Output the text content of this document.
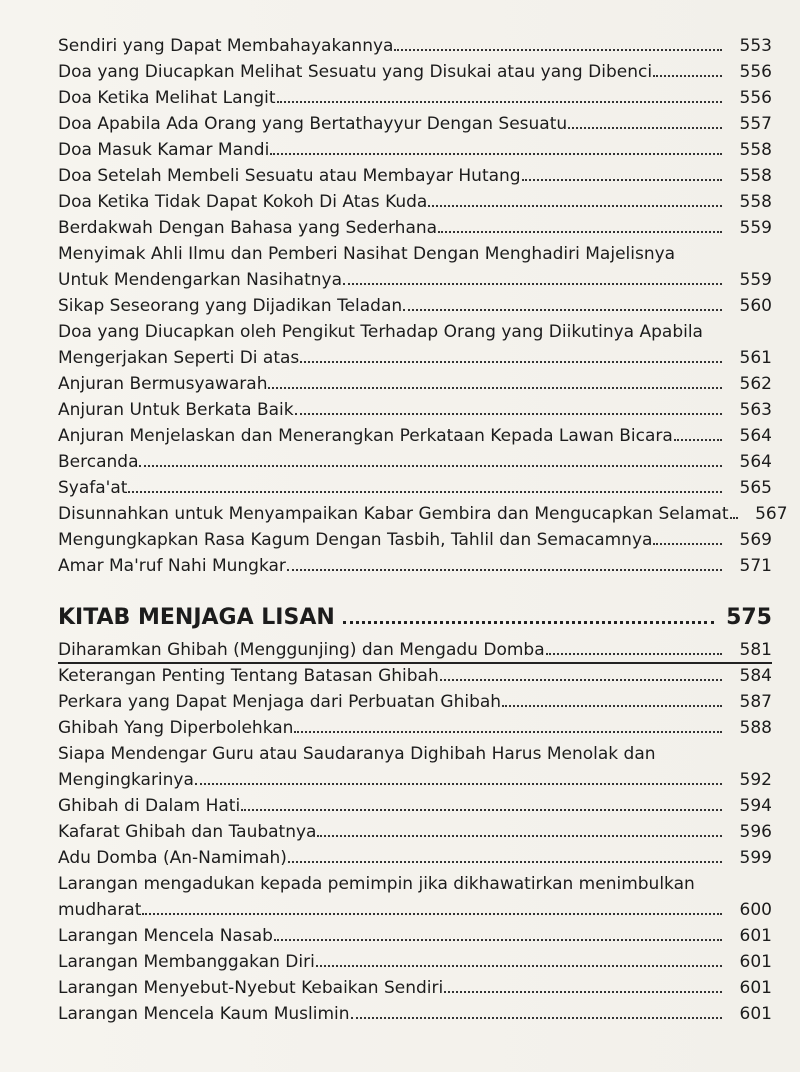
Sendiri yang Dapat Membahayakannya	553
Doa yang Diucapkan Melihat Sesuatu yang Disukai atau yang Dibenci	556
Doa Ketika Melihat Langit	556
Doa Apabila Ada Orang yang Bertathayyur Dengan Sesuatu	557
Doa Masuk Kamar Mandi	558
Doa Setelah Membeli Sesuatu atau Membayar Hutang	558
Doa Ketika Tidak Dapat Kokoh Di Atas Kuda	558
Berdakwah Dengan Bahasa yang Sederhana	559
Menyimak Ahli Ilmu dan Pemberi Nasihat Dengan Menghadiri Majelisnya
Untuk Mendengarkan Nasihatnya	559
Sikap Seseorang yang Dijadikan Teladan	560
Doa yang Diucapkan oleh Pengikut Terhadap Orang yang Diikutinya Apabila
Mengerjakan Seperti Di atas	561
Anjuran Bermusyawarah	562
Anjuran Untuk Berkata Baik	563
Anjuran Menjelaskan dan Menerangkan Perkataan Kepada Lawan Bicara	564
Bercanda	564
Syafa'at	565
Disunnahkan untuk Menyampaikan Kabar Gembira dan Mengucapkan Selamat	567
Mengungkapkan Rasa Kagum Dengan Tasbih, Tahlil dan Semacamnya	569
Amar Ma'ruf Nahi Mungkar	571
KITAB MENJAGA LISAN	575
Diharamkan Ghibah (Menggunjing) dan Mengadu Domba	581
Keterangan Penting Tentang Batasan Ghibah	584
Perkara yang Dapat Menjaga dari Perbuatan Ghibah	587
Ghibah Yang Diperbolehkan	588
Siapa Mendengar Guru atau Saudaranya Dighibah Harus Menolak dan
Mengingkarinya	592
Ghibah di Dalam Hati	594
Kafarat Ghibah dan Taubatnya	596
Adu Domba (An-Namimah)	599
Larangan mengadukan kepada pemimpin jika dikhawatirkan menimbulkan
mudharat	600
Larangan Mencela Nasab	601
Larangan Membanggakan Diri	601
Larangan Menyebut-Nyebut Kebaikan Sendiri	601
Larangan Mencela Kaum Muslimin	601
